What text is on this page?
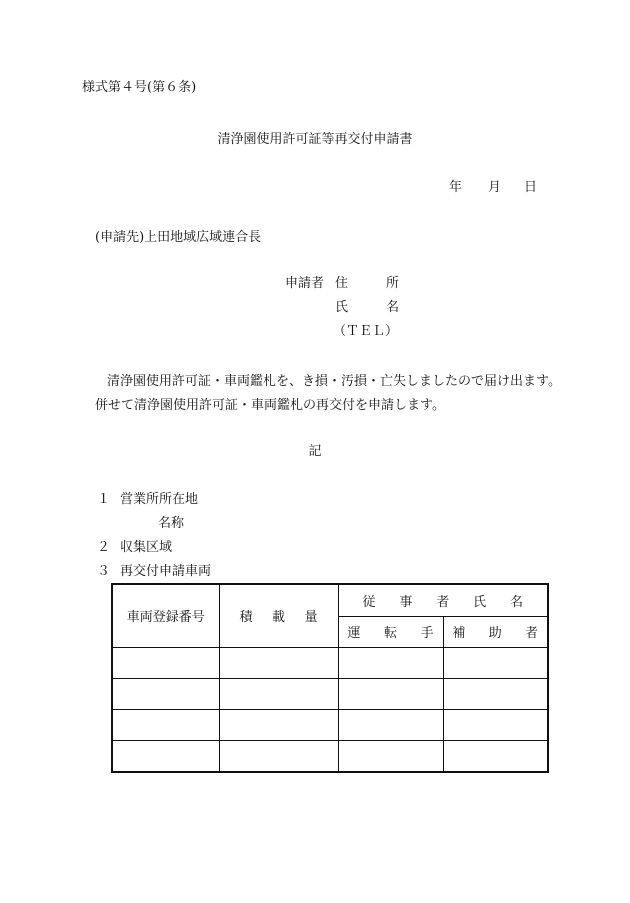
様式第４号(第６条)
清浄園使用許可証等再交付申請書
年 月 日
(申請先)上田地域広域連合長
申請者 住	所
氏	名
（ＴＥＬ）
清浄園使用許可証・車両鑑札を、き損・汚損・亡失しましたので届け出ます。
併せて清浄園使用許可証・車両鑑札の再交付を申請します。
記
１ 営業所所在地
名称
２ 収集区域
３ 再交付申請車両
車両登録番号	積 載 量	従 事 者 氏 名	

		運 転 手	補 助 者
